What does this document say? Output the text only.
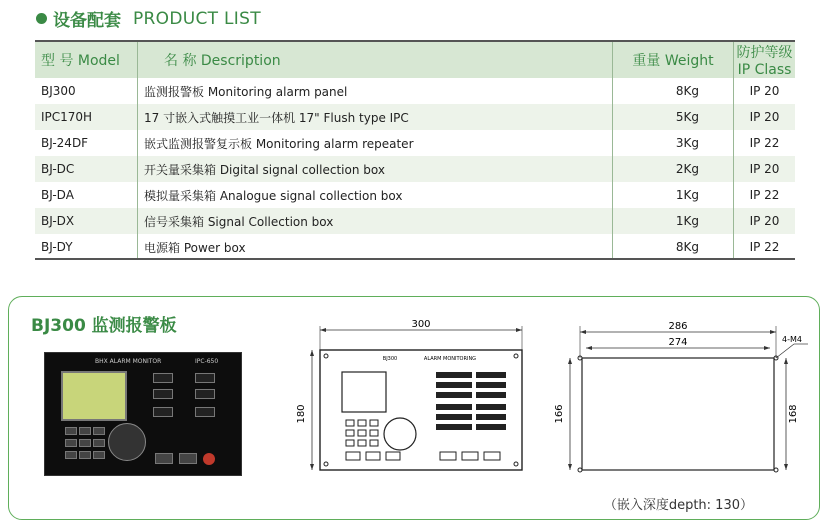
设备配套 PRODUCT LIST
型 号 Model	名 称 Description	重量 Weight	防护等级 IP Class
BJ300	监测报警板 Monitoring alarm panel	8Kg	IP 20
IPC170H	17 寸嵌入式触摸工业一体机 17" Flush type IPC	5Kg	IP 20
BJ-24DF	嵌式监测报警复示板 Monitoring alarm repeater	3Kg	IP 22
BJ-DC	开关量采集箱 Digital signal collection box	2Kg	IP 20
BJ-DA	模拟量采集箱 Analogue signal collection box	1Kg	IP 22
BJ-DX	信号采集箱 Signal Collection box	1Kg	IP 20
BJ-DY	电源箱 Power box	8Kg	IP 22
BJ300 监测报警板
（嵌入深度depth: 130）
BHX ALARM MONITOR	IPC-650
300
180
BJ300	ALARM MONITORING
286
274
166	168
4-M4
